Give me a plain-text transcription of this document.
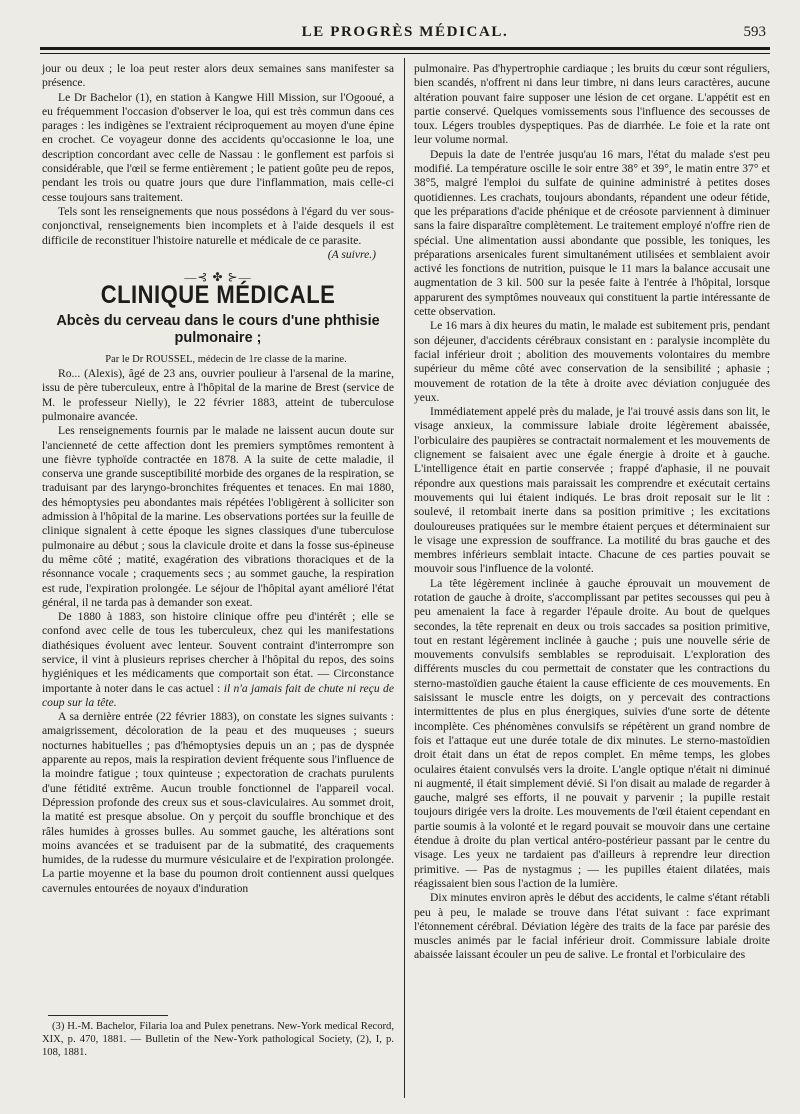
LE PROGRÈS MÉDICAL.	593

jour ou deux ; le loa peut rester alors deux semaines sans manifester sa présence.

Le Dr Bachelor (1), en station à Kangwe Hill Mission, sur l'Ogooué, a eu fréquemment l'occasion d'observer le loa, qui est très commun dans ces parages : les indigènes se l'extraient réciproquement au moyen d'une épine en crochet. Ce voyageur donne des accidents qu'occasionne le loa, une description concordant avec celle de Nassau : le gonflement est parfois si considérable, que l'œil se ferme entièrement ; le patient goûte peu de repos, pendant les trois ou quatre jours que dure l'inflammation, mais celle-ci cesse toujours sans traitement.

Tels sont les renseignements que nous possédons à l'égard du ver sous-conjonctival, renseignements bien incomplets et à l'aide desquels il est difficile de reconstituer l'histoire naturelle et médicale de ce parasite.

(A suivre.)

—⊰ ✤ ⊱—
CLINIQUE MÉDICALE
Abcès du cerveau dans le cours d'une phthisie pulmonaire ;

Par le Dr ROUSSEL, médecin de 1re classe de la marine.

Ro... (Alexis), âgé de 23 ans, ouvrier poulieur à l'arsenal de la marine, issu de père tuberculeux, entre à l'hôpital de la marine de Brest (service de M. le professeur Nielly), le 22 février 1883, atteint de tuberculose pulmonaire avancée.

Les renseignements fournis par le malade ne laissent aucun doute sur l'ancienneté de cette affection dont les premiers symptômes remontent à une fièvre typhoïde contractée en 1878. A la suite de cette maladie, il conserva une grande susceptibilité morbide des organes de la respiration, se traduisant par des laryngo-bronchites fréquentes et tenaces. En mai 1880, des hémoptysies peu abondantes mais répétées l'obligèrent à solliciter son admission à l'hôpital de la marine. Les observations portées sur la feuille de clinique signalent à cette époque les signes classiques d'une tuberculose pulmonaire au début ; sous la clavicule droite et dans la fosse sus-épineuse du même côté ; matité, exagération des vibrations thoraciques et de la résonnance vocale ; craquements secs ; au sommet gauche, la respiration est rude, l'expiration prolongée. Le séjour de l'hôpital ayant amélioré l'état général, il ne tarda pas à demander son exeat.

De 1880 à 1883, son histoire clinique offre peu d'intérêt ; elle se confond avec celle de tous les tuberculeux, chez qui les manifestations diathésiques évoluent avec lenteur. Souvent contraint d'interrompre son service, il vint à plusieurs reprises chercher à l'hôpital du repos, des soins hygiéniques et les médicaments que comportait son état. — Circonstance importante à noter dans le cas actuel : il n'a jamais fait de chute ni reçu de coup sur la tête.

A sa dernière entrée (22 février 1883), on constate les signes suivants : amaigrissement, décoloration de la peau et des muqueuses ; sueurs nocturnes habituelles ; pas d'hémoptysies depuis un an ; pas de dyspnée apparente au repos, mais la respiration devient fréquente sous l'influence de la moindre fatigue ; toux quinteuse ; expectoration de crachats purulents d'une fétidité extrême. Aucun trouble fonctionnel de l'appareil vocal. Dépression profonde des creux sus et sous-claviculaires. Au sommet droit, la matité est presque absolue. On y perçoit du souffle bronchique et des râles humides à grosses bulles. Au sommet gauche, les altérations sont moins avancées et se traduisent par de la submatité, des craquements humides, de la rudesse du murmure vésiculaire et de l'expiration prolongée. La partie moyenne et la base du poumon droit contiennent aussi quelques cavernules entourées de noyaux d'induration

(3) H.-M. Bachelor, Filaria loa and Pulex penetrans. New-York medical Record, XIX, p. 470, 1881. — Bulletin of the New-York pathological Society, (2), I, p. 108, 1881.

pulmonaire. Pas d'hypertrophie cardiaque ; les bruits du cœur sont réguliers, bien scandés, n'offrent ni dans leur timbre, ni dans leurs caractères, aucune altération pouvant faire supposer une lésion de cet organe. L'appétit est en partie conservé. Quelques vomissements sous l'influence des secousses de toux. Légers troubles dyspeptiques. Pas de diarrhée. Le foie et la rate ont leur volume normal.

Depuis la date de l'entrée jusqu'au 16 mars, l'état du malade s'est peu modifié. La température oscille le soir entre 38° et 39°, le matin entre 37° et 38°5, malgré l'emploi du sulfate de quinine administré à petites doses quotidiennes. Les crachats, toujours abondants, répandent une odeur fétide, que les préparations d'acide phénique et de créosote parviennent à diminuer sans la faire disparaître complètement. Le traitement employé n'offre rien de spécial. Une alimentation aussi abondante que possible, les toniques, les préparations arsenicales furent simultanément utilisées et semblaient avoir activé les fonctions de nutrition, puisque le 11 mars la balance accusait une augmentation de 3 kil. 500 sur la pesée faite à l'entrée à l'hôpital, lorsque apparurent des symptômes nouveaux qui constituent la partie intéressante de cette observation.

Le 16 mars à dix heures du matin, le malade est subitement pris, pendant son déjeuner, d'accidents cérébraux consistant en : paralysie incomplète du facial inférieur droit ; abolition des mouvements volontaires du membre supérieur du même côté avec conservation de la sensibilité ; aphasie ; mouvement de rotation de la tête à droite avec déviation conjuguée des yeux.

Immédiatement appelé près du malade, je l'ai trouvé assis dans son lit, le visage anxieux, la commissure labiale droite légèrement abaissée, l'orbiculaire des paupières se contractait normalement et les mouvements de clignement se faisaient avec une égale énergie à droite et à gauche. L'intelligence était en partie conservée ; frappé d'aphasie, il ne pouvait répondre aux questions mais paraissait les comprendre et exécutait certains mouvements qui lui étaient indiqués. Le bras droit reposait sur le lit : soulevé, il retombait inerte dans sa position primitive ; les excitations douloureuses pratiquées sur le membre étaient perçues et déterminaient sur le visage une expression de souffrance. La motilité du bras gauche et des membres inférieurs semblait intacte. Chacune de ces parties pouvait se mouvoir sous l'influence de la volonté.

La tête légèrement inclinée à gauche éprouvait un mouvement de rotation de gauche à droite, s'accomplissant par petites secousses qui peu à peu amenaient la face à regarder l'épaule droite. Au bout de quelques secondes, la tête reprenait en deux ou trois saccades sa position primitive, tout en restant légèrement inclinée à gauche ; puis une nouvelle série de mouvements convulsifs semblables se reproduisait. L'exploration des différents muscles du cou permettait de constater que les contractions du sterno-mastoïdien gauche étaient la cause efficiente de ces mouvements. En saisissant le muscle entre les doigts, on y percevait des contractions intermittentes de plus en plus énergiques, suivies d'une sorte de détente incomplète. Ces phénomènes convulsifs se répétèrent un grand nombre de fois et l'attaque eut une durée totale de dix minutes. Le sterno-mastoïdien droit était dans un état de repos complet. En même temps, les globes oculaires étaient convulsés vers la droite. L'angle optique n'était ni diminué ni augmenté, il était simplement dévié. Si l'on disait au malade de regarder à gauche, malgré ses efforts, il ne pouvait y parvenir ; la pupille restait toujours dirigée vers la droite. Les mouvements de l'œil étaient cependant en partie soumis à la volonté et le regard pouvait se mouvoir dans une certaine étendue à droite du plan vertical antéro-postérieur passant par le centre du visage. Les yeux ne tardaient pas d'ailleurs à reprendre leur direction primitive. — Pas de nystagmus ; — les pupilles étaient dilatées, mais réagissaient bien sous l'action de la lumière.

Dix minutes environ après le début des accidents, le calme s'étant rétabli peu à peu, le malade se trouve dans l'état suivant : face exprimant l'étonnement cérébral. Déviation légère des traits de la face par parésie des muscles animés par le facial inférieur droit. Commissure labiale droite abaissée laissant écouler un peu de salive. Le frontal et l'orbiculaire des
